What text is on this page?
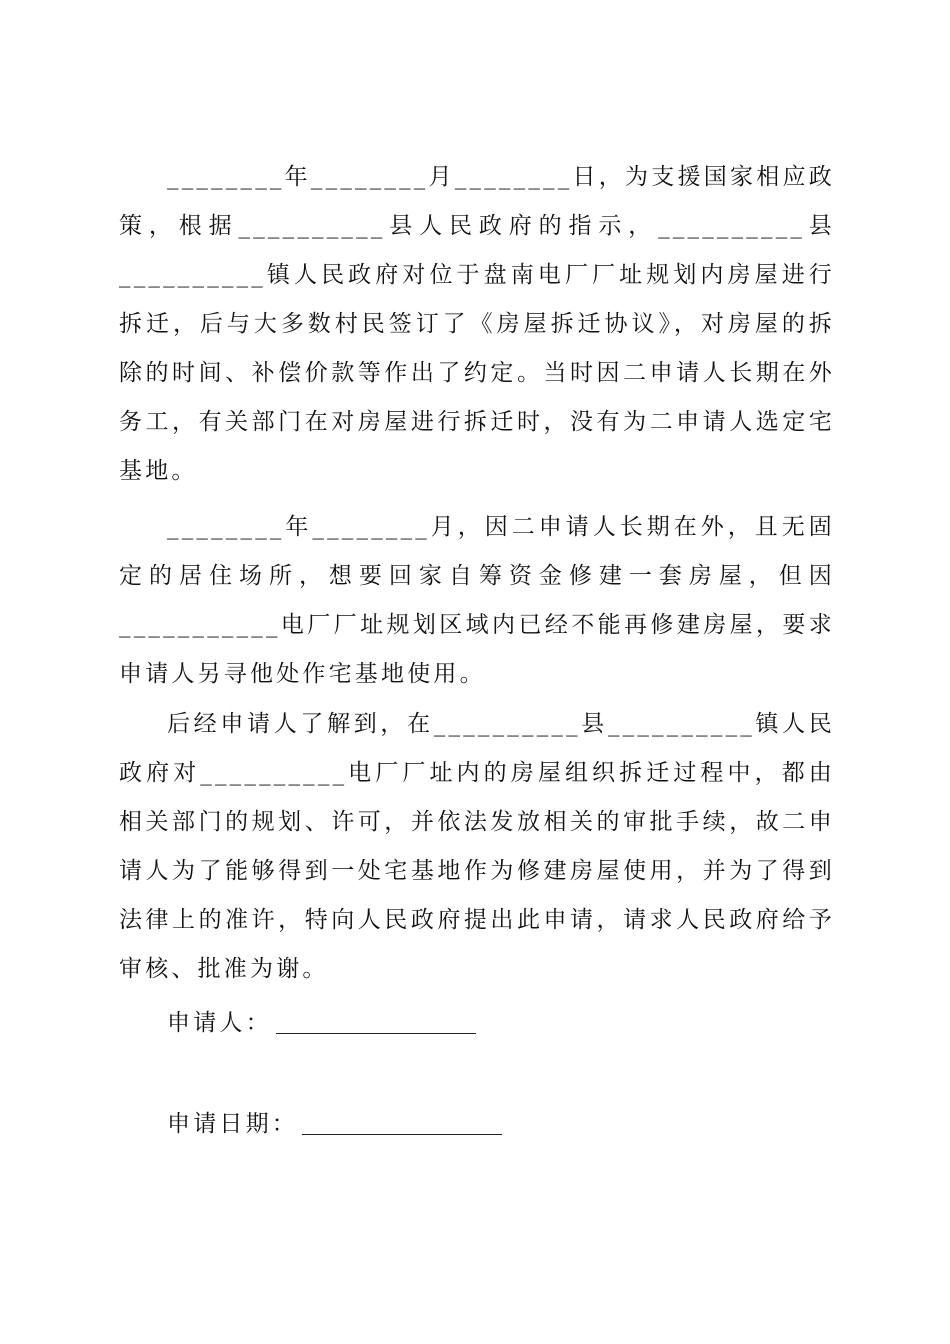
________年________月________日，为支援国家相应政策，根据__________县人民政府的指示，__________县__________镇人民政府对位于盘南电厂厂址规划内房屋进行拆迁，后与大多数村民签订了《房屋拆迁协议》，对房屋的拆除的时间、补偿价款等作出了约定。当时因二申请人长期在外务工，有关部门在对房屋进行拆迁时，没有为二申请人选定宅基地。

________年________月，因二申请人长期在外，且无固定的居住场所，想要回家自筹资金修建一套房屋，但因___________电厂厂址规划区域内已经不能再修建房屋，要求申请人另寻他处作宅基地使用。

后经申请人了解到，在__________县__________镇人民政府对__________电厂厂址内的房屋组织拆迁过程中，都由相关部门的规划、许可，并依法发放相关的审批手续，故二申请人为了能够得到一处宅基地作为修建房屋使用，并为了得到法律上的准许，特向人民政府提出此申请，请求人民政府给予审核、批准为谢。

申请人：
申请日期：
